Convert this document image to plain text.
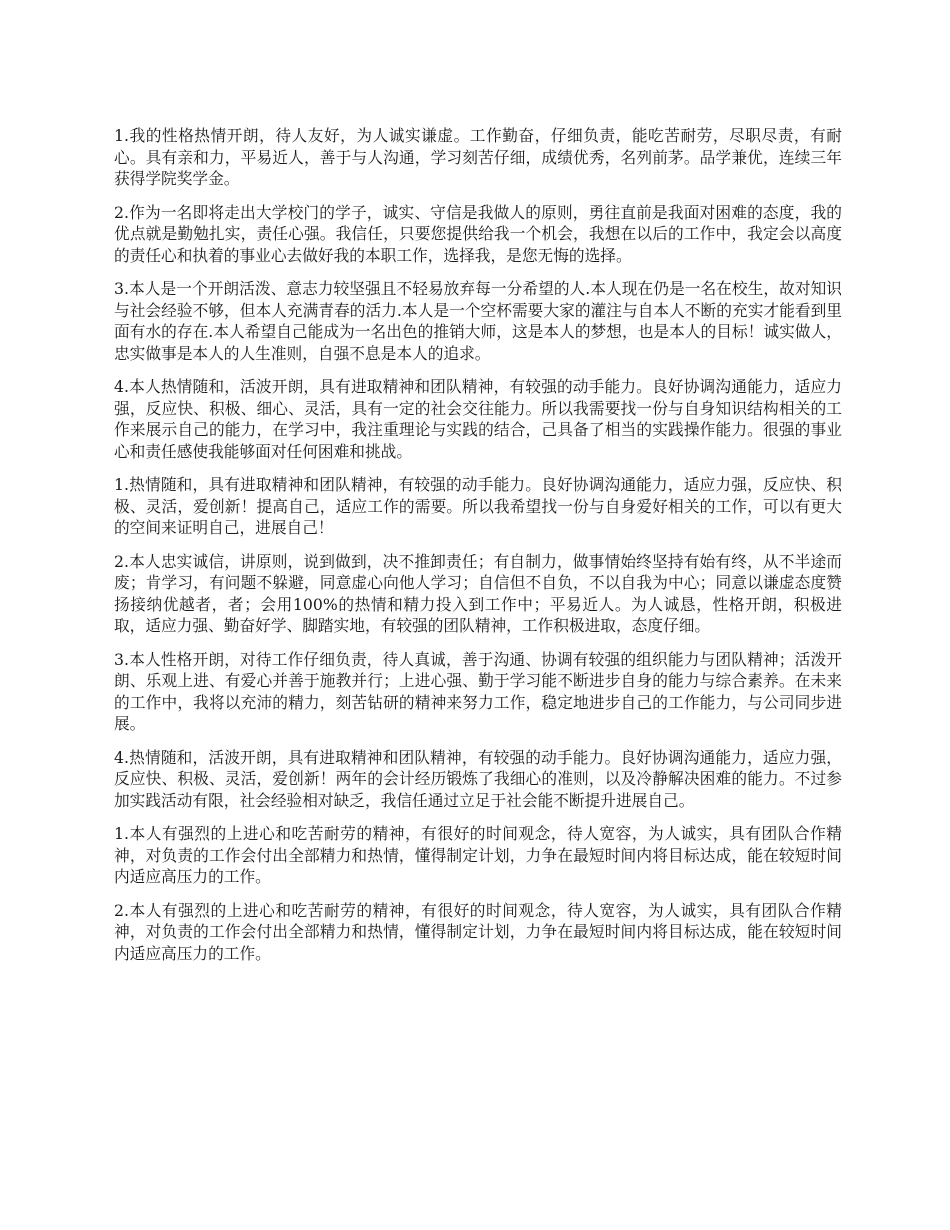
1.我的性格热情开朗，待人友好，为人诚实谦虚。工作勤奋，仔细负责，能吃苦耐劳，尽职尽责，有耐心。具有亲和力，平易近人，善于与人沟通，学习刻苦仔细，成绩优秀，名列前茅。品学兼优，连续三年获得学院奖学金。

2.作为一名即将走出大学校门的学子，诚实、守信是我做人的原则，勇往直前是我面对困难的态度，我的优点就是勤勉扎实，责任心强。我信任，只要您提供给我一个机会，我想在以后的工作中，我定会以高度的责任心和执着的事业心去做好我的本职工作，选择我，是您无悔的选择。

3.本人是一个开朗活泼、意志力较坚强且不轻易放弃每一分希望的人.本人现在仍是一名在校生，故对知识与社会经验不够，但本人充满青春的活力.本人是一个空杯需要大家的灌注与自本人不断的充实才能看到里面有水的存在.本人希望自己能成为一名出色的推销大师，这是本人的梦想，也是本人的目标！诚实做人，忠实做事是本人的人生准则，自强不息是本人的追求。

4.本人热情随和，活波开朗，具有进取精神和团队精神，有较强的动手能力。良好协调沟通能力，适应力强，反应快、积极、细心、灵活，具有一定的社会交往能力。所以我需要找一份与自身知识结构相关的工作来展示自己的能力，在学习中，我注重理论与实践的结合，己具备了相当的实践操作能力。很强的事业心和责任感使我能够面对任何困难和挑战。

1.热情随和，具有进取精神和团队精神，有较强的动手能力。良好协调沟通能力，适应力强，反应快、积极、灵活，爱创新！提高自己，适应工作的需要。所以我希望找一份与自身爱好相关的工作，可以有更大的空间来证明自己，进展自己！

2.本人忠实诚信，讲原则，说到做到，决不推卸责任；有自制力，做事情始终坚持有始有终，从不半途而废；肯学习，有问题不躲避，同意虚心向他人学习；自信但不自负，不以自我为中心；同意以谦虚态度赞扬接纳优越者，者；会用100%的热情和精力投入到工作中；平易近人。为人诚恳，性格开朗，积极进取，适应力强、勤奋好学、脚踏实地，有较强的团队精神，工作积极进取，态度仔细。

3.本人性格开朗，对待工作仔细负责，待人真诚，善于沟通、协调有较强的组织能力与团队精神；活泼开朗、乐观上进、有爱心并善于施教并行；上进心强、勤于学习能不断进步自身的能力与综合素养。在未来的工作中，我将以充沛的精力，刻苦钻研的精神来努力工作，稳定地进步自己的工作能力，与公司同步进展。

4.热情随和，活波开朗，具有进取精神和团队精神，有较强的动手能力。良好协调沟通能力，适应力强，反应快、积极、灵活，爱创新！两年的会计经历锻炼了我细心的准则，以及冷静解决困难的能力。不过参加实践活动有限，社会经验相对缺乏，我信任通过立足于社会能不断提升进展自己。

1.本人有强烈的上进心和吃苦耐劳的精神，有很好的时间观念，待人宽容，为人诚实，具有团队合作精神，对负责的工作会付出全部精力和热情，懂得制定计划，力争在最短时间内将目标达成，能在较短时间内适应高压力的工作。

2.本人有强烈的上进心和吃苦耐劳的精神，有很好的时间观念，待人宽容，为人诚实，具有团队合作精神，对负责的工作会付出全部精力和热情，懂得制定计划，力争在最短时间内将目标达成，能在较短时间内适应高压力的工作。
